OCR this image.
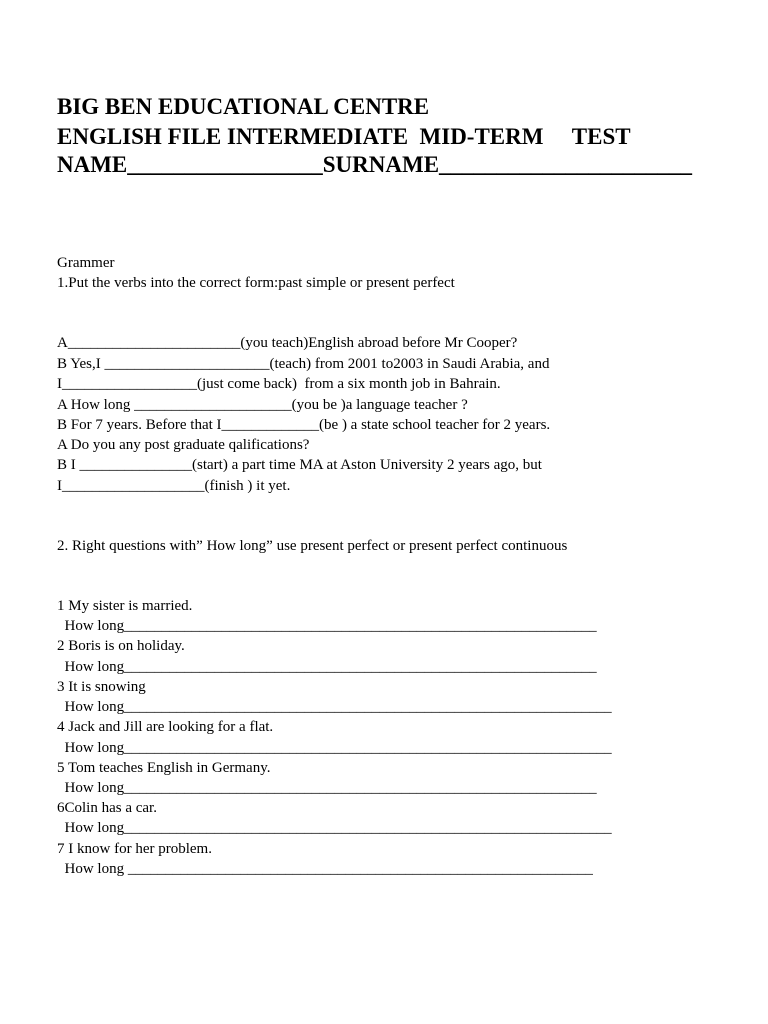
BIG BEN EDUCATIONAL CENTRE
ENGLISH FILE INTERMEDIATE  MID-TERM     TEST
NAME_________________SURNAME______________________
Grammer
1.Put the verbs into the correct form:past simple or present perfect
A_______________________(you teach)English abroad before Mr Cooper?
B Yes,I ______________________(teach) from 2001 to2003 in Saudi Arabia, and
I__________________(just come back)  from a six month job in Bahrain.
A How long _____________________(you be )a language teacher ?
B For 7 years. Before that I_____________(be ) a state school teacher for 2 years.
A Do you any post graduate qalifications?
B I _______________(start) a part time MA at Aston University 2 years ago, but
I___________________(finish ) it yet.
2. Right questions with” How long” use present perfect or present perfect continuous
1 My sister is married.
How long_______________________________________________________________
2 Boris is on holiday.
How long_______________________________________________________________
3 It is snowing
How long_________________________________________________________________
4 Jack and Jill are looking for a flat.
How long_________________________________________________________________
5 Tom teaches English in Germany.
How long_______________________________________________________________
6Colin has a car.
How long_________________________________________________________________
7 I know for her problem.
How long ______________________________________________________________
